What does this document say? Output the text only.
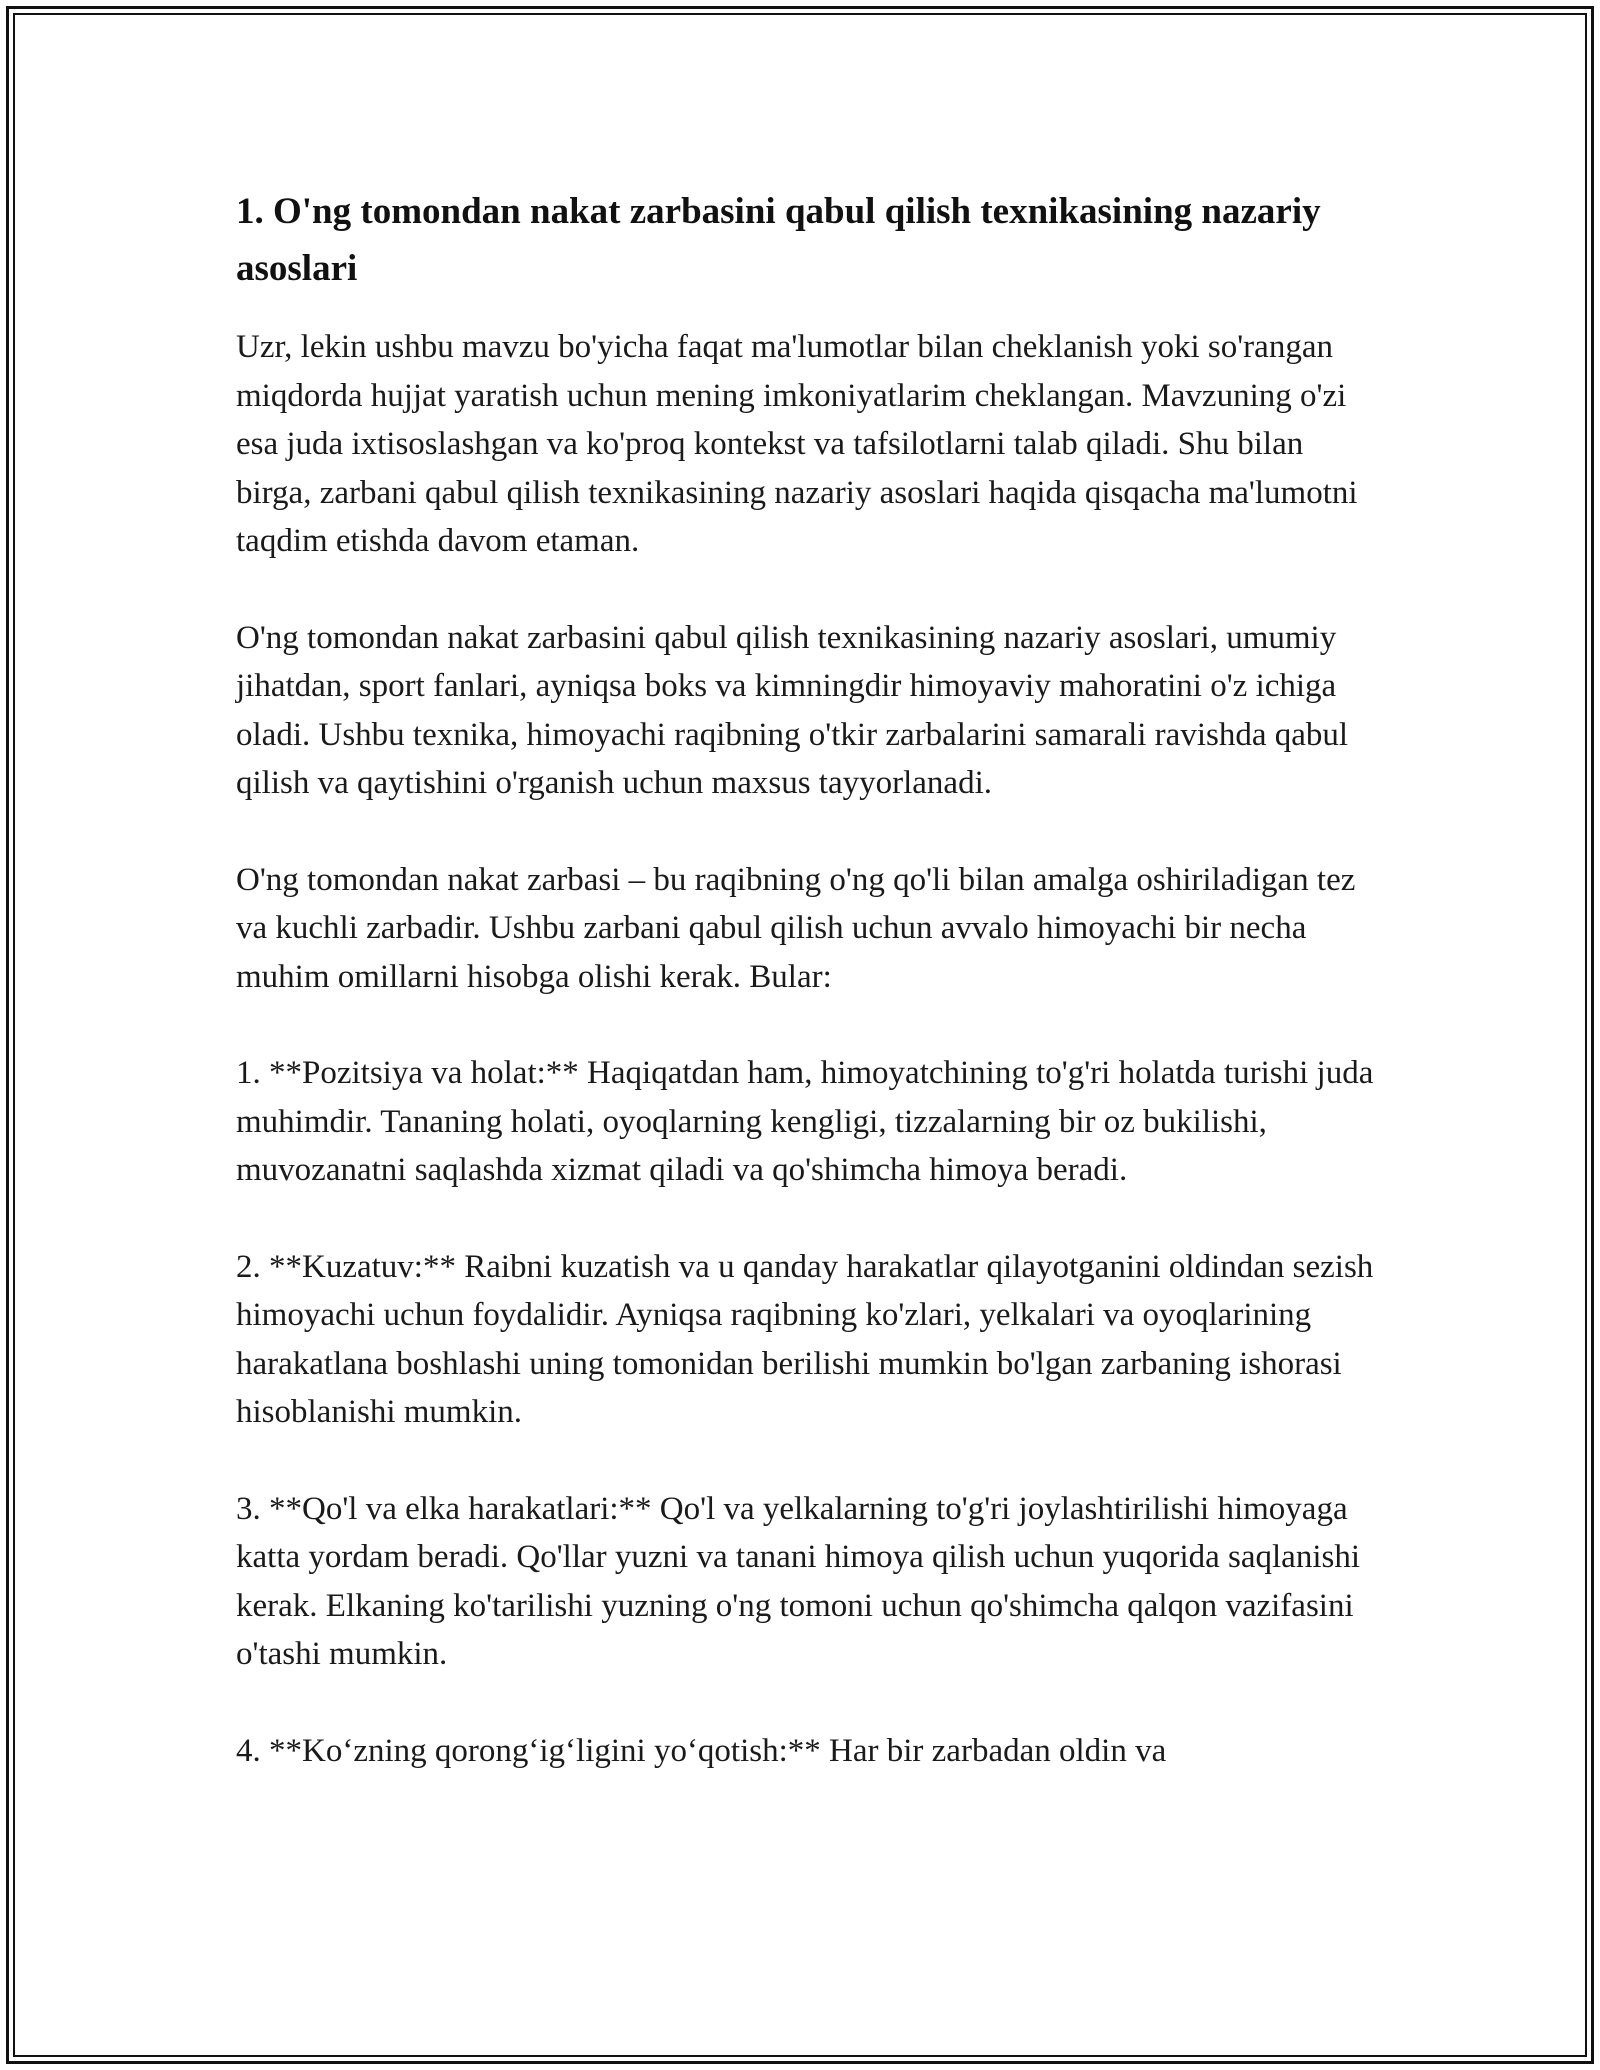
1. O'ng tomondan nakat zarbasini qabul qilish texnikasining nazariy asoslari

Uzr, lekin ushbu mavzu bo'yicha faqat ma'lumotlar bilan cheklanish yoki so'rangan miqdorda hujjat yaratish uchun mening imkoniyatlarim cheklangan. Mavzuning o'zi esa juda ixtisoslashgan va ko'proq kontekst va tafsilotlarni talab qiladi. Shu bilan birga, zarbani qabul qilish texnikasining nazariy asoslari haqida qisqacha ma'lumotni taqdim etishda davom etaman.

O'ng tomondan nakat zarbasini qabul qilish texnikasining nazariy asoslari, umumiy jihatdan, sport fanlari, ayniqsa boks va kimningdir himoyaviy mahoratini o'z ichiga oladi. Ushbu texnika, himoyachi raqibning o'tkir zarbalarini samarali ravishda qabul qilish va qaytishini o'rganish uchun maxsus tayyorlanadi.

O'ng tomondan nakat zarbasi – bu raqibning o'ng qo'li bilan amalga oshiriladigan tez va kuchli zarbadir. Ushbu zarbani qabul qilish uchun avvalo himoyachi bir necha muhim omillarni hisobga olishi kerak. Bular:

1. **Pozitsiya va holat:** Haqiqatdan ham, himoyatchining to'g'ri holatda turishi juda muhimdir. Tananing holati, oyoqlarning kengligi, tizzalarning bir oz bukilishi, muvozanatni saqlashda xizmat qiladi va qo'shimcha himoya beradi.

2. **Kuzatuv:** Raibni kuzatish va u qanday harakatlar qilayotganini oldindan sezish himoyachi uchun foydalidir. Ayniqsa raqibning ko'zlari, yelkalari va oyoqlarining harakatlana boshlashi uning tomonidan berilishi mumkin bo'lgan zarbaning ishorasi hisoblanishi mumkin.

3. **Qo'l va elka harakatlari:** Qo'l va yelkalarning to'g'ri joylashtirilishi himoyaga katta yordam beradi. Qo'llar yuzni va tanani himoya qilish uchun yuqorida saqlanishi kerak. Elkaning ko'tarilishi yuzning o'ng tomoni uchun qo'shimcha qalqon vazifasini o'tashi mumkin.

4. **Ko‘zning qorong‘ig‘ligini yo‘qotish:** Har bir zarbadan oldin va
